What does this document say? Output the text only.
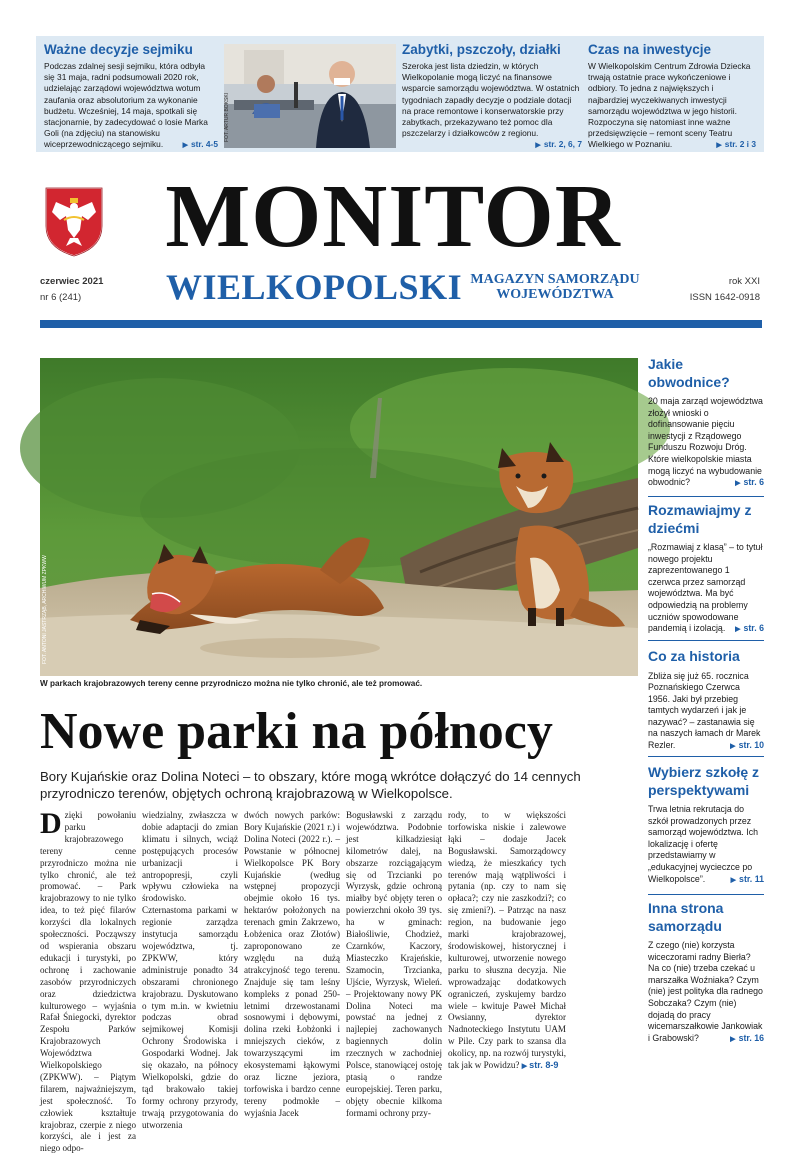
Ważne decyzje sejmiku

Podczas zdalnej sesji sejmiku, która odbyła się 31 maja, radni podsumowali 2020 rok, udzielając zarządowi województwa wotum zaufania oraz absolutorium za wykonanie budżetu. Wcześniej, 14 maja, spotkali się stacjonarnie, by zadecydować o losie Marka Goli (na zdjęciu) na stanowisku wiceprzewodniczącego sejmiku.	▶ str. 4-5

FOT. ARTUR BOKSKI
Zabytki, pszczoły, działki

Szeroka jest lista dziedzin, w których Wielkopolanie mogą liczyć na finansowe wsparcie samorządu województwa. W ostatnich tygodniach zapadły decyzje o podziale dotacji na prace remontowe i konserwatorskie przy zabytkach, przekazywano też pomoc dla pszczelarzy i działkowców z regionu.
▶ str. 2, 6, 7

Czas na inwestycje

W Wielkopolskim Centrum Zdrowia Dziecka trwają ostatnie prace wykończeniowe i odbiory. To jedna z największych i najbardziej wyczekiwanych inwestycji samorządu województwa w jego historii. Rozpoczyna się natomiast inne ważne przedsięwzięcie – remont sceny Teatru Wielkiego w Poznaniu.	▶ str. 2 i 3

MONITOR
czerwiec 2021
nr 6 (241) WIELKOPOLSKI MAGAZYN SAMORZĄDU
WOJEWÓDZTWA
rok XXI
ISSN 1642-0918
FOT. ANTONI JASTRZĄB, ARCHIWUM ZPKWW
W parkach krajobrazowych tereny cenne przyrodniczo można nie tylko chronić, ale też promować.
Nowe parki na północy

Bory Kujańskie oraz Dolina Noteci – to obszary, które mogą wkrótce dołączyć do 14 cennych przyrodniczo terenów, objętych ochroną krajobrazową w Wielkopolsce.

Dzięki powołaniu parku krajobrazowego tereny cenne przyrodniczo można nie tylko chronić, ale też promować. – Park krajobrazowy to nie tylko idea, to też pięć filarów korzyści dla lokalnych społeczności. Począwszy od wspierania obszaru edukacji i turystyki, po ochronę i zachowanie zasobów przyrodniczych oraz dziedzictwa kulturowego – wyjaśnia Rafał Śniegocki, dyrektor Zespołu Parków Krajobrazowych Województwa Wielkopolskiego (ZPKWW). – Piątym filarem, najważniejszym, jest społeczność. To człowiek kształtuje krajobraz, czerpie z niego korzyści, ale i jest za niego odpo-
wiedzialny, zwłaszcza w dobie adaptacji do zmian klimatu i silnych, wciąż postępujących procesów urbanizacji i antropopresji, czyli wpływu człowieka na środowisko. Czternastoma parkami w regionie zarządza instytucja samorządu województwa, tj. ZPKWW, który administruje ponadto 34 obszarami chronionego krajobrazu. Dyskutowano o tym m.in. w kwietniu podczas obrad sejmikowej Komisji Ochrony Środowiska i Gospodarki Wodnej. Jak się okazało, na północy Wielkopolski, gdzie do tąd brakowało takiej formy ochrony przyrody, trwają przygotowania do utworzenia
dwóch nowych parków: Bory Kujańskie (2021 r.) i Dolina Noteci (2022 r.). – Powstanie w północnej Wielkopolsce PK Bory Kujańskie (według wstępnej propozycji obejmie około 16 tys. hektarów położonych na terenach gmin Zakrzewo, Łobżenica oraz Złotów) zaproponowano ze względu na dużą atrakcyjność tego terenu. Znajduje się tam leśny kompleks z ponad 250-letnimi drzewostanami sosnowymi i dębowymi, dolina rzeki Łobżonki i mniejszych cieków, z towarzyszącymi im ekosystemami łąkowymi oraz liczne jeziora, torfowiska i bardzo cenne tereny podmokłe – wyjaśnia Jacek
Bogusławski z zarządu województwa. Podobnie jest kilkadziesiąt kilometrów dalej, na obszarze rozciągającym się od Trzcianki po Wyrzysk, gdzie ochroną miałby być objęty teren o powierzchni około 39 tys. ha w gminach: Białośliwie, Chodzież, Czarnków, Kaczory, Miasteczko Krajeńskie, Szamocin, Trzcianka, Ujście, Wyrzysk, Wieleń. – Projektowany nowy PK Dolina Noteci ma powstać na jednej z najlepiej zachowanych bagiennych dolin rzecznych w zachodniej Polsce, stanowiącej ostoję ptasią o randze europejskiej. Teren parku, objęty obecnie kilkoma formami ochrony przy-
rody, to w większości torfowiska niskie i zalewowe łąki – dodaje Jacek Bogusławski. Samorządowcy wiedzą, że mieszkańcy tych terenów mają wątpliwości i pytania (np. czy to nam się opłaca?; czy nie zaszkodzi?; co się zmieni?). – Patrząc na nasz region, na budowanie jego marki krajobrazowej, środowiskowej, historycznej i kulturowej, utworzenie nowego parku to słuszna decyzja. Nie wprowadzając dodatkowych ograniczeń, zyskujemy bardzo wiele – kwituje Paweł Michał Owsianny, dyrektor Nadnoteckiego Instytutu UAM w Pile. Czy park to szansa dla okolicy, np. na rozwój turystyki, tak jak w Powidzu? ▶ str. 8-9
Jakie obwodnice?

20 maja zarząd województwa złożył wnioski o dofinansowanie pięciu inwestycji z Rządowego Funduszu Rozwoju Dróg. Które wielkopolskie miasta mogą liczyć na wybudowanie obwodnic?	▶ str. 6

Rozmawiajmy z dziećmi

„Rozmawiaj z klasą” – to tytuł nowego projektu zaprezentowanego 1 czerwca przez samorząd województwa. Ma być odpowiedzią na problemy uczniów spowodowane pandemią i izolacją.	▶ str. 6

Co za historia

Zbliża się już 65. rocznica Poznańskiego Czerwca 1956. Jaki był przebieg tamtych wydarzeń i jak je nazywać? – zastanawia się na naszych łamach dr Marek Rezler.	▶ str. 10

Wybierz szkołę z perspektywami

Trwa letnia rekrutacja do szkół prowadzonych przez samorząd województwa. Ich lokalizację i ofertę przedstawiamy w „edukacyjnej wycieczce po Wielkopolsce”.	▶ str. 11

Inna strona samorządu

Z czego (nie) korzysta wiceczorami radny Bierła? Na co (nie) trzeba czekać u marszałka Woźniaka? Czym (nie) jest polityka dla radnego Sobczaka? Czym (nie) dojadą do pracy wicemarszałkowie Jankowiak i Grabowski?	▶ str. 16
